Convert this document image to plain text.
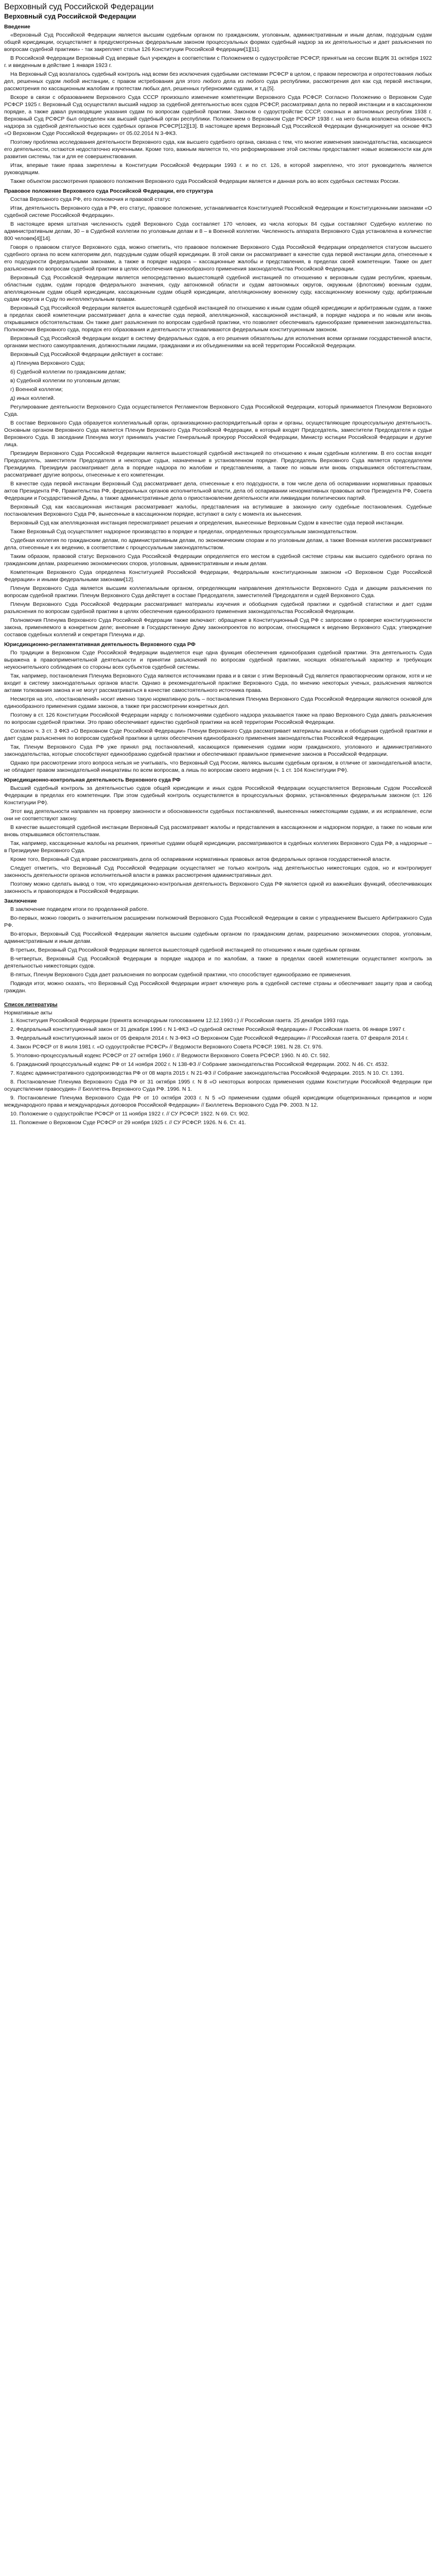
Верховный суд Российской Федерации
Верховный суд Российской Федерации
Введение

«Верховный Суд Российской Федерации является высшим судебным органом по гражданским, уголовным, административным и иным делам, подсудным судам общей юрисдикции, осуществляет в предусмотренных федеральным законом процессуальных формах судебный надзор за их деятельностью и дает разъяснения по вопросам судебной практики» - так закрепляет статья 126 Конституции Российской Федерации[1][11].

В Российской Федерации Верховный Суд впервые был учрежден в соответствии с Положением о судоустройстве РСФСР, принятым на сессии ВЦИК 31 октября 1922 г. и введенным в действие 1 января 1923 г.

На Верховный Суд возлагалось судебный контроль над всеми без исключения судебными системами РСФСР в целом, с правом пересмотра и опротестования любых дел, решенных судом любой инстанции, с правом истребования для этого любого дела из любого суда республики, рассмотрения дел как суд первой инстанции, рассмотрения по кассационным жалобам и протестам любых дел, решенных губернскими судами, и т.д.[5].

Вскоре в связи с образованием Верховного Суда СССР произошло изменение компетенции Верховного Суда РСФСР. Согласно Положению о Верховном Суде РСФСР 1925 г. Верховный Суд осуществлял высший надзор за судебной деятельностью всех судов РСФСР, рассматривал дела по первой инстанции и в кассационном порядке, а также давал руководящие указания судам по вопросам судебной практики. Законом о судоустройстве СССР, союзных и автономных республик 1938 г. Верховный Суд РСФСР был определен как высший судебный орган республики. Положением о Верховном Суде РСФСР 1938 г. на него была возложена обязанность надзора за судебной деятельностью всех судебных органов РСФСР[12][13]. В настоящее время Верховный Суд Российской Федерации функционирует на основе ФКЗ «О Верховном Суде Российской Федерации» от 05.02.2014 N 3-ФКЗ.

Поэтому проблема исследования деятельности Верховного суда, как высшего судебного органа, связана с тем, что многие изменения законодательства, касающиеся его деятельности, остаются недостаточно изученными. Кроме того, важным является то, что реформирование этой системы предоставляет новые возможности как для развития системы, так и для ее совершенствования.

Итак, впервые такие права закреплены в Конституции Российской Федерации 1993 г. и по ст. 126, в которой закреплено, что этот руководитель является руководящим.

Также объектом рассмотрения правового положения Верховного суда Российской Федерации является и данная роль во всех судебных системах России.

Правовое положение Верховного суда Российской Федерации, его структура

Состав Верховного суда РФ, его полномочия и правовой статус

Итак, деятельность Верховного суда в РФ, его статус, правовое положение, устанавливается Конституцией Российской Федерации и Конституционными законами «О судебной системе Российской Федерации».

В настоящее время штатная численность судей Верховного Суда составляет 170 человек, из числа которых 84 судьи составляют Судебную коллегию по административным делам, 30 – в Судебной коллегии по уголовным делам и 8 – в Военной коллегии. Численность аппарата Верховного Суда установлена в количестве 800 человек[4][14].

Говоря о правовом статусе Верховного суда, можно отметить, что правовое положение Верховного Суда Российской Федерации определяется статусом высшего судебного органа по всем категориям дел, подсудным судам общей юрисдикции. В этой связи он рассматривает в качестве суда первой инстанции дела, отнесенные к его подсудности федеральными законами, а также в порядке надзора – кассационные жалобы и представления, в пределах своей компетенции. Также он дает разъяснения по вопросам судебной практики в целях обеспечения единообразного применения законодательства Российской Федерации.

Верховный Суд Российской Федерации является непосредственно вышестоящей судебной инстанцией по отношению к верховным судам республик, краевым, областным судам, судам городов федерального значения, суду автономной области и судам автономных округов, окружным (флотским) военным судам, апелляционным судам общей юрисдикции, кассационным судам общей юрисдикции, апелляционному военному суду, кассационному военному суду, арбитражным судам округов и Суду по интеллектуальным правам.

Верховный Суд Российской Федерации является вышестоящей судебной инстанцией по отношению к иным судам общей юрисдикции и арбитражным судам, а также в пределах своей компетенции рассматривает дела в качестве суда первой, апелляционной, кассационной инстанций, в порядке надзора и по новым или вновь открывшимся обстоятельствам. Он также дает разъяснения по вопросам судебной практики, что позволяет обеспечивать единообразие применения законодательства. Полномочия Верховного суда, порядок его образования и деятельности устанавливаются федеральным конституционным законом.

Верховный Суд Российской Федерации входит в систему федеральных судов, а его решения обязательны для исполнения всеми органами государственной власти, органами местного самоуправления, должностными лицами, гражданами и их объединениями на всей территории Российской Федерации.

Верховный Суд Российской Федерации действует в составе:

а) Пленума Верховного Суда;

б) Судебной коллегии по гражданским делам;

в) Судебной коллегии по уголовным делам;

г) Военной коллегии;

д) иных коллегий.

Регулирование деятельности Верховного Суда осуществляется Регламентом Верховного Суда Российской Федерации, который принимается Пленумом Верховного Суда.

В составе Верховного Суда образуется коллегиальный орган, организационно-распорядительный орган и органы, осуществляющие процессуальную деятельность. Основным органом Верховного Суда является Пленум Верховного Суда Российской Федерации, в который входят Председатель, заместители Председателя и судьи Верховного Суда. В заседании Пленума могут принимать участие Генеральный прокурор Российской Федерации, Министр юстиции Российской Федерации и другие лица.

Президиум Верховного Суда Российской Федерации является вышестоящей судебной инстанцией по отношению к иным судебным коллегиям. В его состав входят Председатель, заместители Председателя и некоторые судьи, назначенные в установленном порядке. Председатель Верховного Суда является председателем Президиума. Президиум рассматривает дела в порядке надзора по жалобам и представлениям, а также по новым или вновь открывшимся обстоятельствам, рассматривает другие вопросы, отнесенные к его компетенции.

В качестве суда первой инстанции Верховный Суд рассматривает дела, отнесенные к его подсудности, в том числе дела об оспаривании нормативных правовых актов Президента РФ, Правительства РФ, федеральных органов исполнительной власти, дела об оспаривании ненормативных правовых актов Президента РФ, Совета Федерации и Государственной Думы, а также административные дела о приостановлении деятельности или ликвидации политических партий.

Верховный Суд как кассационная инстанция рассматривает жалобы, представления на вступившие в законную силу судебные постановления. Судебные постановления Верховного Суда РФ, вынесенные в кассационном порядке, вступают в силу с момента их вынесения.

Верховный Суд как апелляционная инстанция пересматривает решения и определения, вынесенные Верховным Судом в качестве суда первой инстанции.

Также Верховный Суд осуществляет надзорное производство в порядке и пределах, определенных процессуальным законодательством.

Судебная коллегия по гражданским делам, по административным делам, по экономическим спорам и по уголовным делам, а также Военная коллегия рассматривают дела, отнесенные к их ведению, в соответствии с процессуальным законодательством.

Таким образом, правовой статус Верховного Суда Российской Федерации определяется его местом в судебной системе страны как высшего судебного органа по гражданским делам, разрешению экономических споров, уголовным, административным и иным делам.

Компетенция Верховного Суда определена Конституцией Российской Федерации, Федеральным конституционным законом «О Верховном Суде Российской Федерации» и иными федеральными законами[12].

Пленум Верховного Суда является высшим коллегиальным органом, определяющим направления деятельности Верховного Суда и дающим разъяснения по вопросам судебной практики. Пленум Верховного Суда действует в составе Председателя, заместителей Председателя и судей Верховного Суда.

Пленум Верховного Суда Российской Федерации рассматривает материалы изучения и обобщения судебной практики и судебной статистики и дает судам разъяснения по вопросам судебной практики в целях обеспечения единообразного применения законодательства Российской Федерации.

Полномочия Пленума Верховного Суда Российской Федерации также включают: обращение в Конституционный Суд РФ с запросами о проверке конституционности закона, применяемого в конкретном деле; внесение в Государственную Думу законопроектов по вопросам, относящимся к ведению Верховного Суда; утверждение составов судебных коллегий и секретаря Пленума и др.

Юрисдикционно-регламентативная деятельность Верховного суда РФ

По традиции в Верховном Суде Российской Федерации выделяется еще одна функция обеспечения единообразия судебной практики. Эта деятельность Суда выражена в правоприменительной деятельности и принятии разъяснений по вопросам судебной практики, носящих обязательный характер и требующих неукоснительного соблюдения со стороны всех субъектов судебной системы.

Так, например, постановления Пленума Верховного Суда являются источниками права и в связи с этим Верховный Суд является правотворческим органом, хотя и не входит в систему законодательных органов власти. Однако в рекомендательной практике Верховного Суда, по мнению некоторых ученых, разъяснения являются актами толкования закона и не могут рассматриваться в качестве самостоятельного источника права.

Несмотря на это, «постановлений» носит именно такую нормативную роль – постановления Пленума Верховного Суда Российской Федерации являются основой для единообразного применения судами законов, а также при рассмотрении конкретных дел.

Поэтому в ст. 126 Конституции Российской Федерации наряду с полномочиями судебного надзора указывается также на право Верховного Суда давать разъяснения по вопросам судебной практики. Это право обеспечивает единство судебной практики на всей территории Российской Федерации.

Согласно ч. 3 ст. 3 ФКЗ «О Верховном Суде Российской Федерации» Пленум Верховного Суда рассматривает материалы анализа и обобщения судебной практики и дает судам разъяснения по вопросам судебной практики в целях обеспечения единообразного применения законодательства Российской Федерации.

Так, Пленум Верховного Суда РФ уже принял ряд постановлений, касающихся применения судами норм гражданского, уголовного и административного законодательства, которые способствуют единообразию судебной практики и обеспечивают правильное применение законов в Российской Федерации.

Однако при рассмотрении этого вопроса нельзя не учитывать, что Верховный Суд России, являясь высшим судебным органом, в отличие от законодательной власти, не обладает правом законодательной инициативы по всем вопросам, а лишь по вопросам своего ведения (ч. 1 ст. 104 Конституции РФ).

Юрисдикционно-контрольная деятельность Верховного суда РФ

Высший судебный контроль за деятельностью судов общей юрисдикции и иных судов Российской Федерации осуществляется Верховным Судом Российской Федерации в пределах его компетенции. При этом судебный контроль осуществляется в процессуальных формах, установленных федеральным законом (ст. 126 Конституции РФ).

Этот вид деятельности направлен на проверку законности и обоснованности судебных постановлений, вынесенных нижестоящими судами, и их исправление, если они не соответствуют закону.

В качестве вышестоящей судебной инстанции Верховный Суд рассматривает жалобы и представления в кассационном и надзорном порядке, а также по новым или вновь открывшимся обстоятельствам.

Так, например, кассационные жалобы на решения, принятые судами общей юрисдикции, рассматриваются в судебных коллегиях Верховного Суда РФ, а надзорные – в Президиуме Верховного Суда.

Кроме того, Верховный Суд вправе рассматривать дела об оспаривании нормативных правовых актов федеральных органов государственной власти.

Следует отметить, что Верховный Суд Российской Федерации осуществляет не только контроль над деятельностью нижестоящих судов, но и контролирует законность деятельности органов исполнительной власти в рамках рассмотрения административных дел.

Поэтому можно сделать вывод о том, что юрисдикционно-контрольная деятельность Верховного Суда РФ является одной из важнейших функций, обеспечивающих законность и правопорядок в Российской Федерации.

Заключение

В заключение подведем итоги по проделанной работе.

Во-первых, можно говорить о значительном расширении полномочий Верховного Суда Российской Федерации в связи с упразднением Высшего Арбитражного Суда РФ.

Во-вторых, Верховный Суд Российской Федерации является высшим судебным органом по гражданским делам, разрешению экономических споров, уголовным, административным и иным делам.

В-третьих, Верховный Суд Российской Федерации является вышестоящей судебной инстанцией по отношению к иным судебным органам.

В-четвертых, Верховный Суд Российской Федерации в порядке надзора и по жалобам, а также в пределах своей компетенции осуществляет контроль за деятельностью нижестоящих судов.

В-пятых, Пленум Верховного Суда дает разъяснения по вопросам судебной практики, что способствует единообразию ее применения.

Подводя итог, можно сказать, что Верховный Суд Российской Федерации играет ключевую роль в судебной системе страны и обеспечивает защиту прав и свобод граждан.

Список литературы
Нормативные акты

1. Конституция Российской Федерации (принята всенародным голосованием 12.12.1993 г.) // Российская газета. 25 декабря 1993 года.

2. Федеральный конституционный закон от 31 декабря 1996 г. N 1-ФКЗ «О судебной системе Российской Федерации» // Российская газета. 06 января 1997 г.

3. Федеральный конституционный закон от 05 февраля 2014 г. N 3-ФКЗ «О Верховном Суде Российской Федерации» // Российская газета. 07 февраля 2014 г.

4. Закон РСФСР от 8 июля 1981 г. «О судоустройстве РСФСР» // Ведомости Верховного Совета РСФСР. 1981. N 28. Ст. 976.

5. Уголовно-процессуальный кодекс РСФСР от 27 октября 1960 г. // Ведомости Верховного Совета РСФСР. 1960. N 40. Ст. 592.

6. Гражданский процессуальный кодекс РФ от 14 ноября 2002 г. N 138-ФЗ // Собрание законодательства Российской Федерации. 2002. N 46. Ст. 4532.

7. Кодекс административного судопроизводства РФ от 08 марта 2015 г. N 21-ФЗ // Собрание законодательства Российской Федерации. 2015. N 10. Ст. 1391.

8. Постановление Пленума Верховного Суда РФ от 31 октября 1995 г. N 8 «О некоторых вопросах применения судами Конституции Российской Федерации при осуществлении правосудия» // Бюллетень Верховного Суда РФ. 1996. N 1.

9. Постановление Пленума Верховного Суда РФ от 10 октября 2003 г. N 5 «О применении судами общей юрисдикции общепризнанных принципов и норм международного права и международных договоров Российской Федерации» // Бюллетень Верховного Суда РФ. 2003. N 12.

10. Положение о судоустройстве РСФСР от 11 ноября 1922 г. // СУ РСФСР. 1922. N 69. Ст. 902.

11. Положение о Верховном Суде РСФСР от 29 ноября 1925 г. // СУ РСФСР. 1926. N 6. Ст. 41.
